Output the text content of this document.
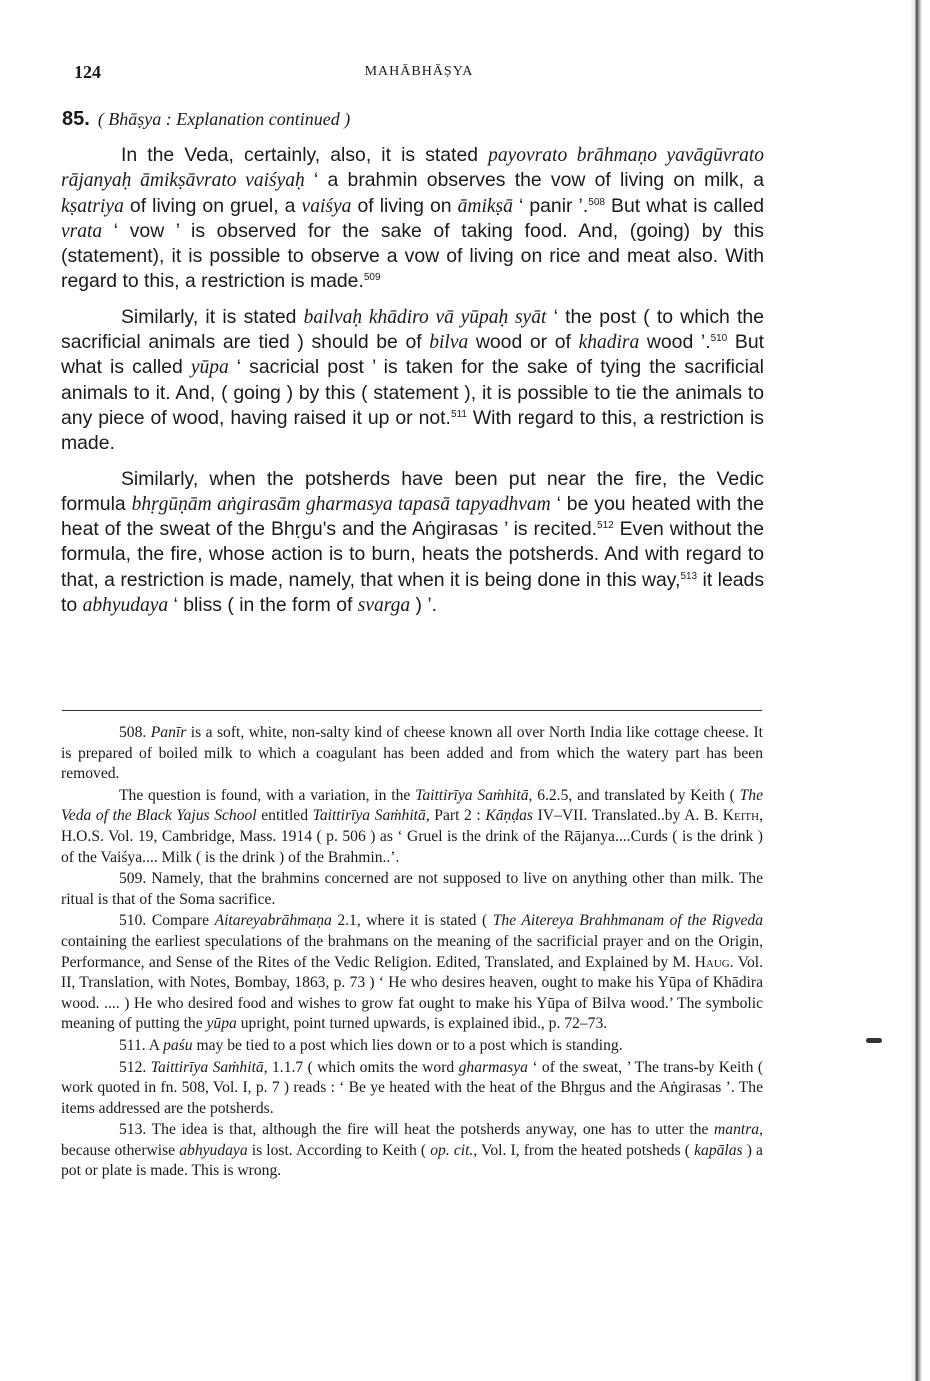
124	MAHĀBHĀṢYA
85. ( Bhāṣya : Explanation continued )

In the Veda, certainly, also, it is stated payovrato brāhmaṇo yavāgūvrato rājanyaḥ āmikṣāvrato vaiśyaḥ ‘ a brahmin observes the vow of living on milk, a kṣatriya of living on gruel, a vaiśya of living on āmikṣā ‘ panir ’.$^{508}$ But what is called vrata ‘ vow ’ is observed for the sake of taking food. And, (going) by this (statement), it is possible to observe a vow of living on rice and meat also. With regard to this, a restriction is made.$^{509}$

Similarly, it is stated bailvaḥ khādiro vā yūpaḥ syāt ‘ the post ( to which the sacrificial animals are tied ) should be of bilva wood or of khadira wood ’.$^{510}$ But what is called yūpa ‘ sacricial post ’ is taken for the sake of tying the sacrificial animals to it. And, ( going ) by this ( statement ), it is possible to tie the animals to any piece of wood, having raised it up or not.$^{511}$ With regard to this, a restriction is made.

Similarly, when the potsherds have been put near the fire, the Vedic formula bhṛgūṇām aṅgirasām gharmasya tapasā tapyadhvam ‘ be you heated with the heat of the sweat of the Bhṛgu's and the Aṅgirasas ’ is recited.$^{512}$ Even without the formula, the fire, whose action is to burn, heats the potsherds. And with regard to that, a restriction is made, namely, that when it is being done in this way,$^{513}$ it leads to abhyudaya ‘ bliss ( in the form of svarga ) ’.

508. Panīr is a soft, white, non-salty kind of cheese known all over North India like cottage cheese. It is prepared of boiled milk to which a coagulant has been added and from which the watery part has been removed.

The question is found, with a variation, in the Taittirīya Saṁhitā, 6.2.5, and translated by Keith ( The Veda of the Black Yajus School entitled Taittirīya Saṁhitā, Part 2 : Kāṇḍas IV–VII. Translated..by A. B. Keith, H.O.S. Vol. 19, Cambridge, Mass. 1914 ( p. 506 ) as ‘ Gruel is the drink of the Rājanya....Curds ( is the drink ) of the Vaiśya.... Milk ( is the drink ) of the Brahmin..’.

509. Namely, that the brahmins concerned are not supposed to live on anything other than milk. The ritual is that of the Soma sacrifice.

510. Compare Aitareyabrāhmaṇa 2.1, where it is stated ( The Aitereya Brahhmanam of the Rigveda containing the earliest speculations of the brahmans on the meaning of the sacrificial prayer and on the Origin, Performance, and Sense of the Rites of the Vedic Religion. Edited, Translated, and Explained by M. Haug. Vol. II, Translation, with Notes, Bombay, 1863, p. 73 ) ‘ He who desires heaven, ought to make his Yūpa of Khādira wood. .... ) He who desired food and wishes to grow fat ought to make his Yūpa of Bilva wood.’ The symbolic meaning of putting the yūpa upright, point turned upwards, is explained ibid., p. 72–73.

511. A paśu may be tied to a post which lies down or to a post which is standing.

512. Taittirīya Saṁhitā, 1.1.7 ( which omits the word gharmasya ‘ of the sweat, ’ The trans-by Keith ( work quoted in fn. 508, Vol. I, p. 7 ) reads : ‘ Be ye heated with the heat of the Bhṛgus and the Aṅgirasas ’. The items addressed are the potsherds.

513. The idea is that, although the fire will heat the potsherds anyway, one has to utter the mantra, because otherwise abhyudaya is lost. According to Keith ( op. cit., Vol. I, from the heated potsheds ( kapālas ) a pot or plate is made. This is wrong.
